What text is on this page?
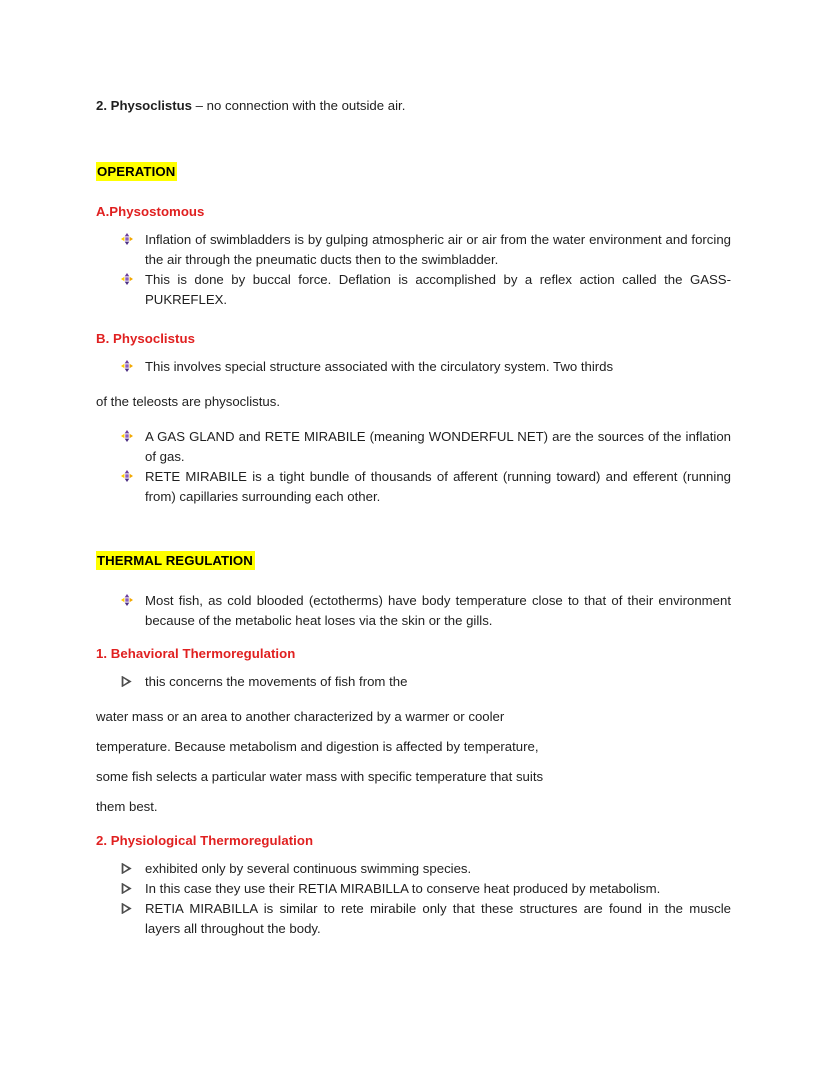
2. Physoclistus – no connection with the outside air.

OPERATION

A.Physostomous

Inflation of swimbladders is by gulping atmospheric air or air from the water environment and forcing the air through the pneumatic ducts then to the swimbladder.
This is done by buccal force. Deflation is accomplished by a reflex action called the GASS-PUKREFLEX.

B. Physoclistus

This involves special structure associated with the circulatory system. Two thirds

of the teleosts are physoclistus.

A GAS GLAND and RETE MIRABILE (meaning WONDERFUL NET) are the sources of the inflation of gas.
RETE MIRABILE is a tight bundle of thousands of afferent (running toward) and efferent (running from) capillaries surrounding each other.
THERMAL REGULATION
Most fish, as cold blooded (ectotherms) have body temperature close to that of their environment because of the metabolic heat loses via the skin or the gills.

1. Behavioral Thermoregulation

this concerns the movements of fish from the

water mass or an area to another characterized by a warmer or cooler

temperature. Because metabolism and digestion is affected by temperature,

some fish selects a particular water mass with specific temperature that suits

them best.

2. Physiological Thermoregulation

exhibited only by several continuous swimming species.
In this case they use their RETIA MIRABILLA to conserve heat produced by metabolism.
RETIA MIRABILLA is similar to rete mirabile only that these structures are found in the muscle layers all throughout the body.
